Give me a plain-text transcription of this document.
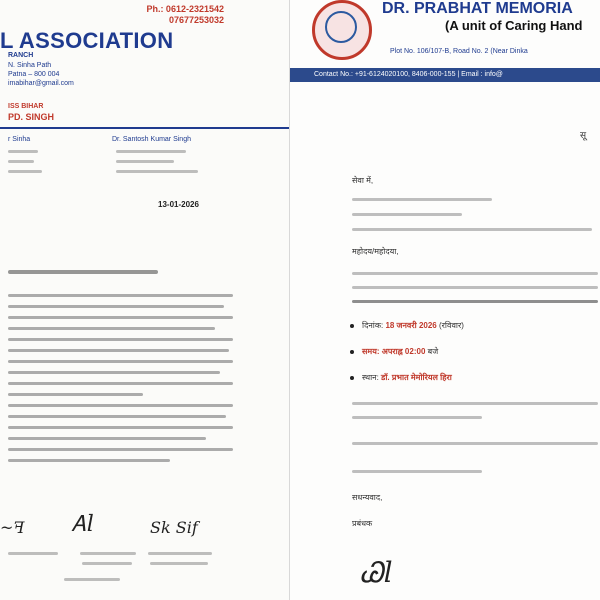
Ph.: 0612-2321542
07677253032
L ASSOCIATION
RANCH
N. Sinha Path
Patna – 800 004
imabihar@gmail.com
ISS BIHAR
PD. SINGH
r Sinha	Dr. Santosh Kumar Singh
13-01-2026
~ꟻ Ꭺl	Sk Sif
DR. PRABHAT MEMORIA
(A unit of Caring Hand
Plot No. 106/107-B, Road No. 2 (Near Dinka
Contact No.: +91-6124020100, 8406-000-155 | Email : info@
सू
सेवा में,
महोदय/महोदया,
दिनांक: 18 जनवरी 2026 (रविवार)
समय: अपराह्न 02:00 बजे
स्थान: डॉ. प्रभात मेमोरियल हिरा
सधन्यवाद,
प्रबंधक
Ꮚl
